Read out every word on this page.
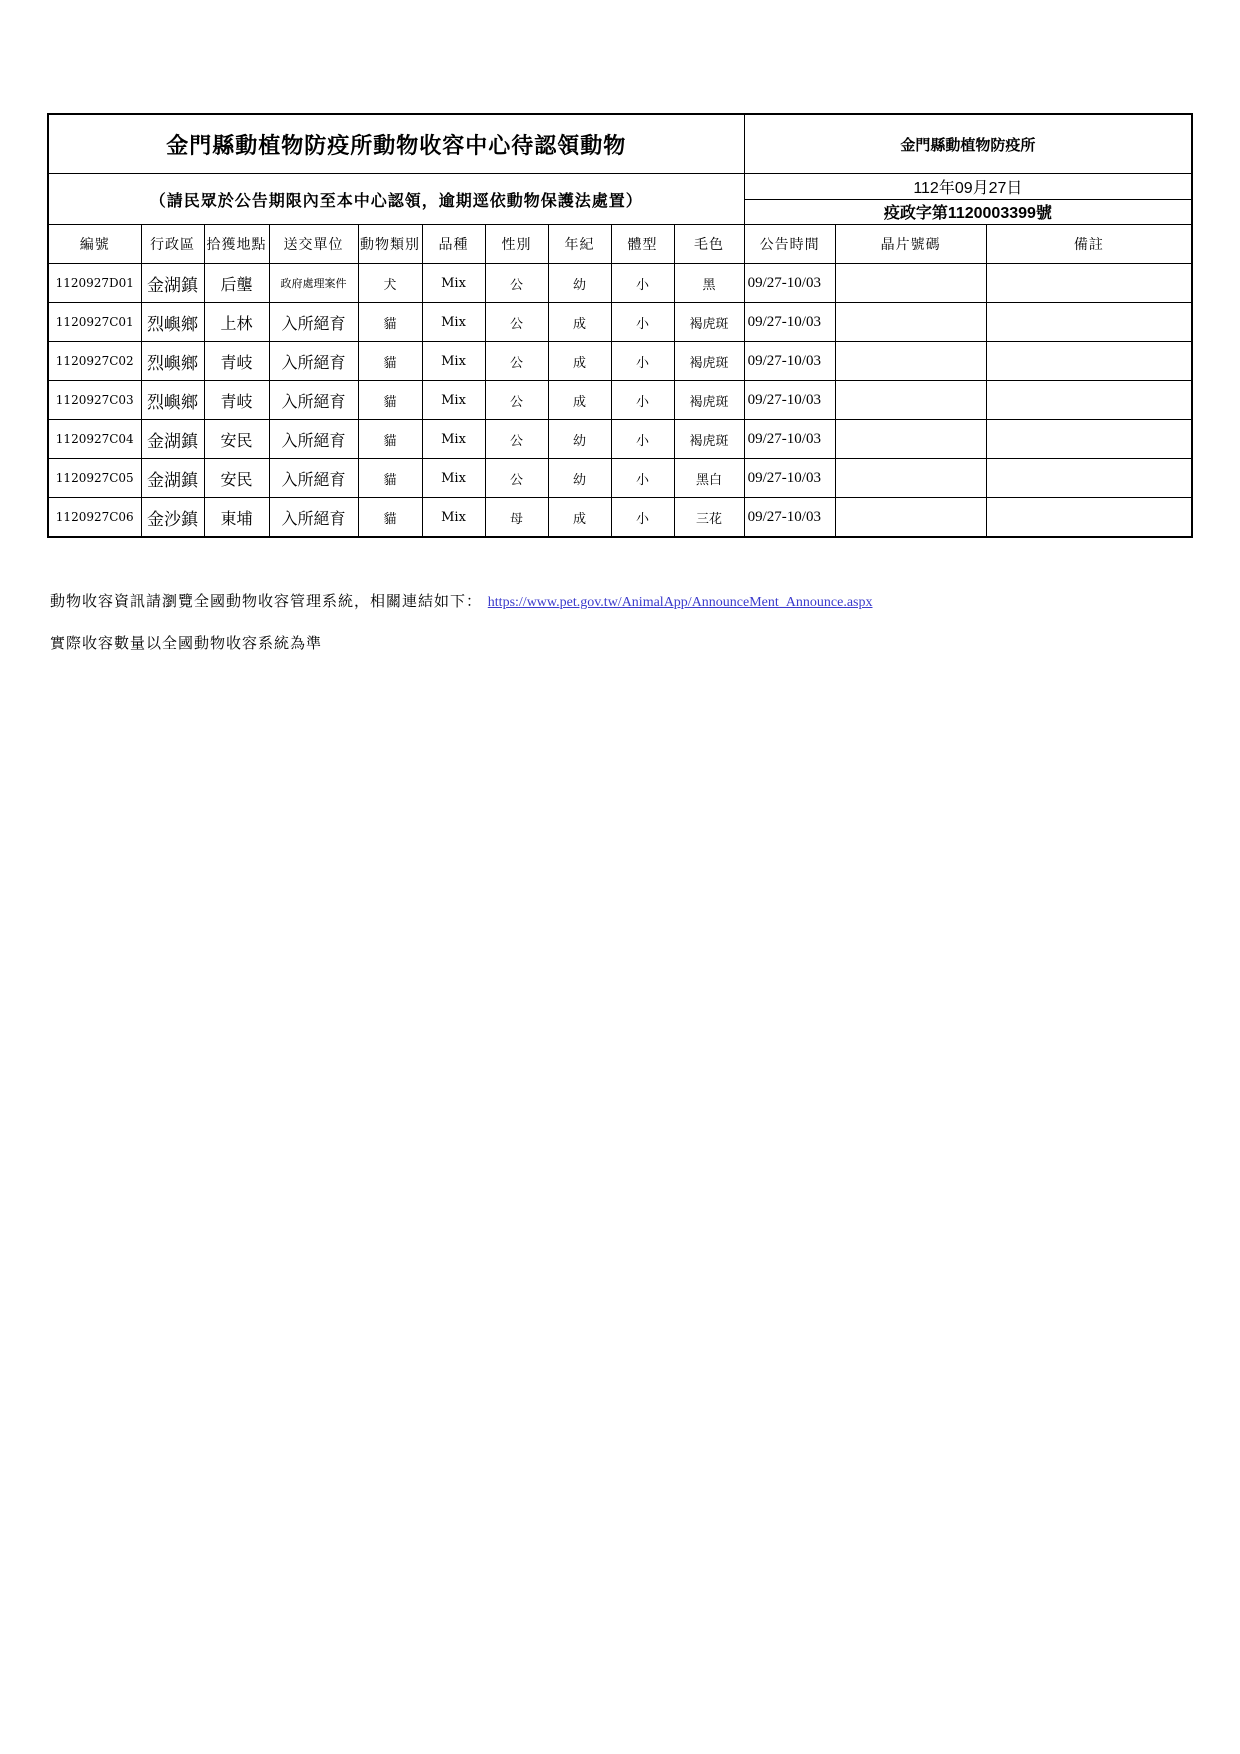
金門縣動植物防疫所動物收容中心待認領動物										金門縣動植物防疫所		
（請民眾於公告期限內至本中心認領，逾期逕依動物保護法處置）										112年09月27日		
										疫政字第1120003399號		
編號	行政區	拾獲地點	送交單位	動物類別	品種	性別	年紀	體型	毛色	公告時間	晶片號碼	備註
1120927D01	金湖鎮	后壟	政府處理案件	犬	Mix	公	幼	小	黑	09/27-10/03		
1120927C01	烈嶼鄉	上林	入所絕育	貓	Mix	公	成	小	褐虎斑	09/27-10/03		
1120927C02	烈嶼鄉	青岐	入所絕育	貓	Mix	公	成	小	褐虎斑	09/27-10/03		
1120927C03	烈嶼鄉	青岐	入所絕育	貓	Mix	公	成	小	褐虎斑	09/27-10/03		
1120927C04	金湖鎮	安民	入所絕育	貓	Mix	公	幼	小	褐虎斑	09/27-10/03		
1120927C05	金湖鎮	安民	入所絕育	貓	Mix	公	幼	小	黑白	09/27-10/03		
1120927C06	金沙鎮	東埔	入所絕育	貓	Mix	母	成	小	三花	09/27-10/03		
動物收容資訊請瀏覽全國動物收容管理系統，相關連結如下： https://www.pet.gov.tw/AnimalApp/AnnounceMent_Announce.aspx
實際收容數量以全國動物收容系統為準
